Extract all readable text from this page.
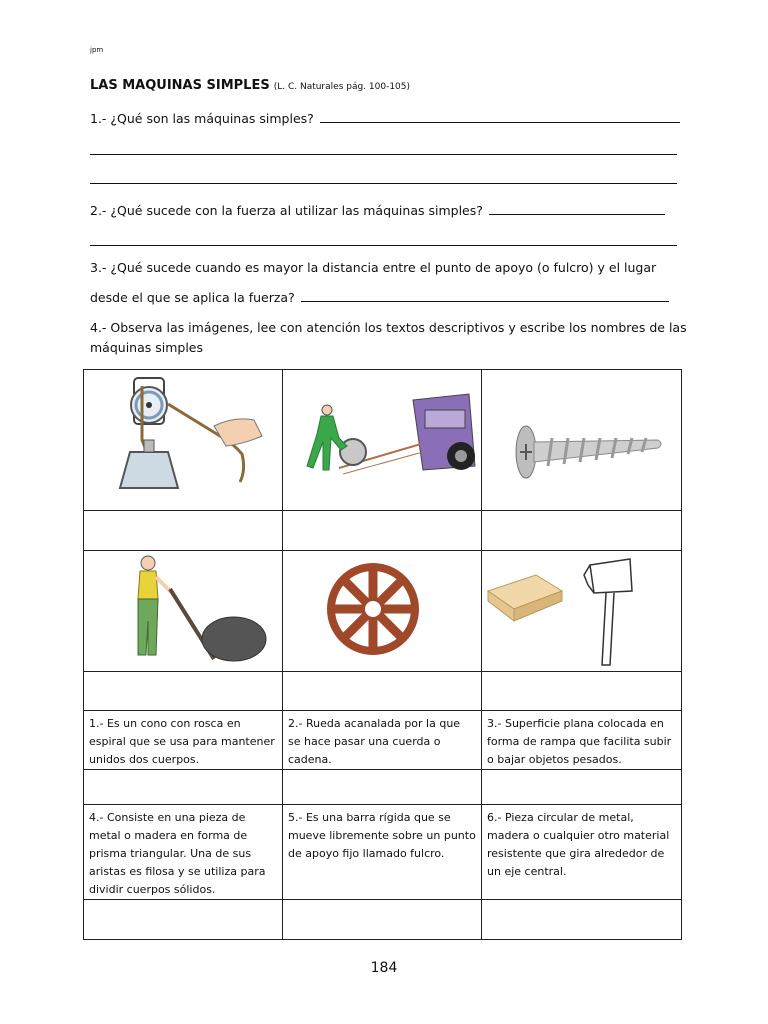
jpm
LAS MAQUINAS SIMPLES (L. C. Naturales pág. 100-105)
1.- ¿Qué son las máquinas simples?
2.- ¿Qué sucede con la fuerza al utilizar las máquinas simples?
3.- ¿Qué sucede cuando es mayor la distancia entre el punto de apoyo (o fulcro) y el lugar
desde el que se aplica la fuerza?
4.- Observa las imágenes, lee con atención los textos descriptivos y escribe los nombres de las máquinas simples

1.- Es un cono con rosca en espiral que se usa para mantener unidos dos cuerpos.	2.- Rueda acanalada por la que se hace pasar una cuerda o cadena.	3.- Superficie plana colocada en forma de rampa que facilita subir o bajar objetos pesados.

4.- Consiste en una pieza de metal o madera en forma de prisma triangular. Una de sus aristas es filosa y se utiliza para dividir cuerpos sólidos.	5.- Es una barra rígida que se mueve libremente sobre un punto de apoyo fijo llamado fulcro.	6.- Pieza circular de metal, madera o cualquier otro material resistente que gira alrededor de un eje central.

184
